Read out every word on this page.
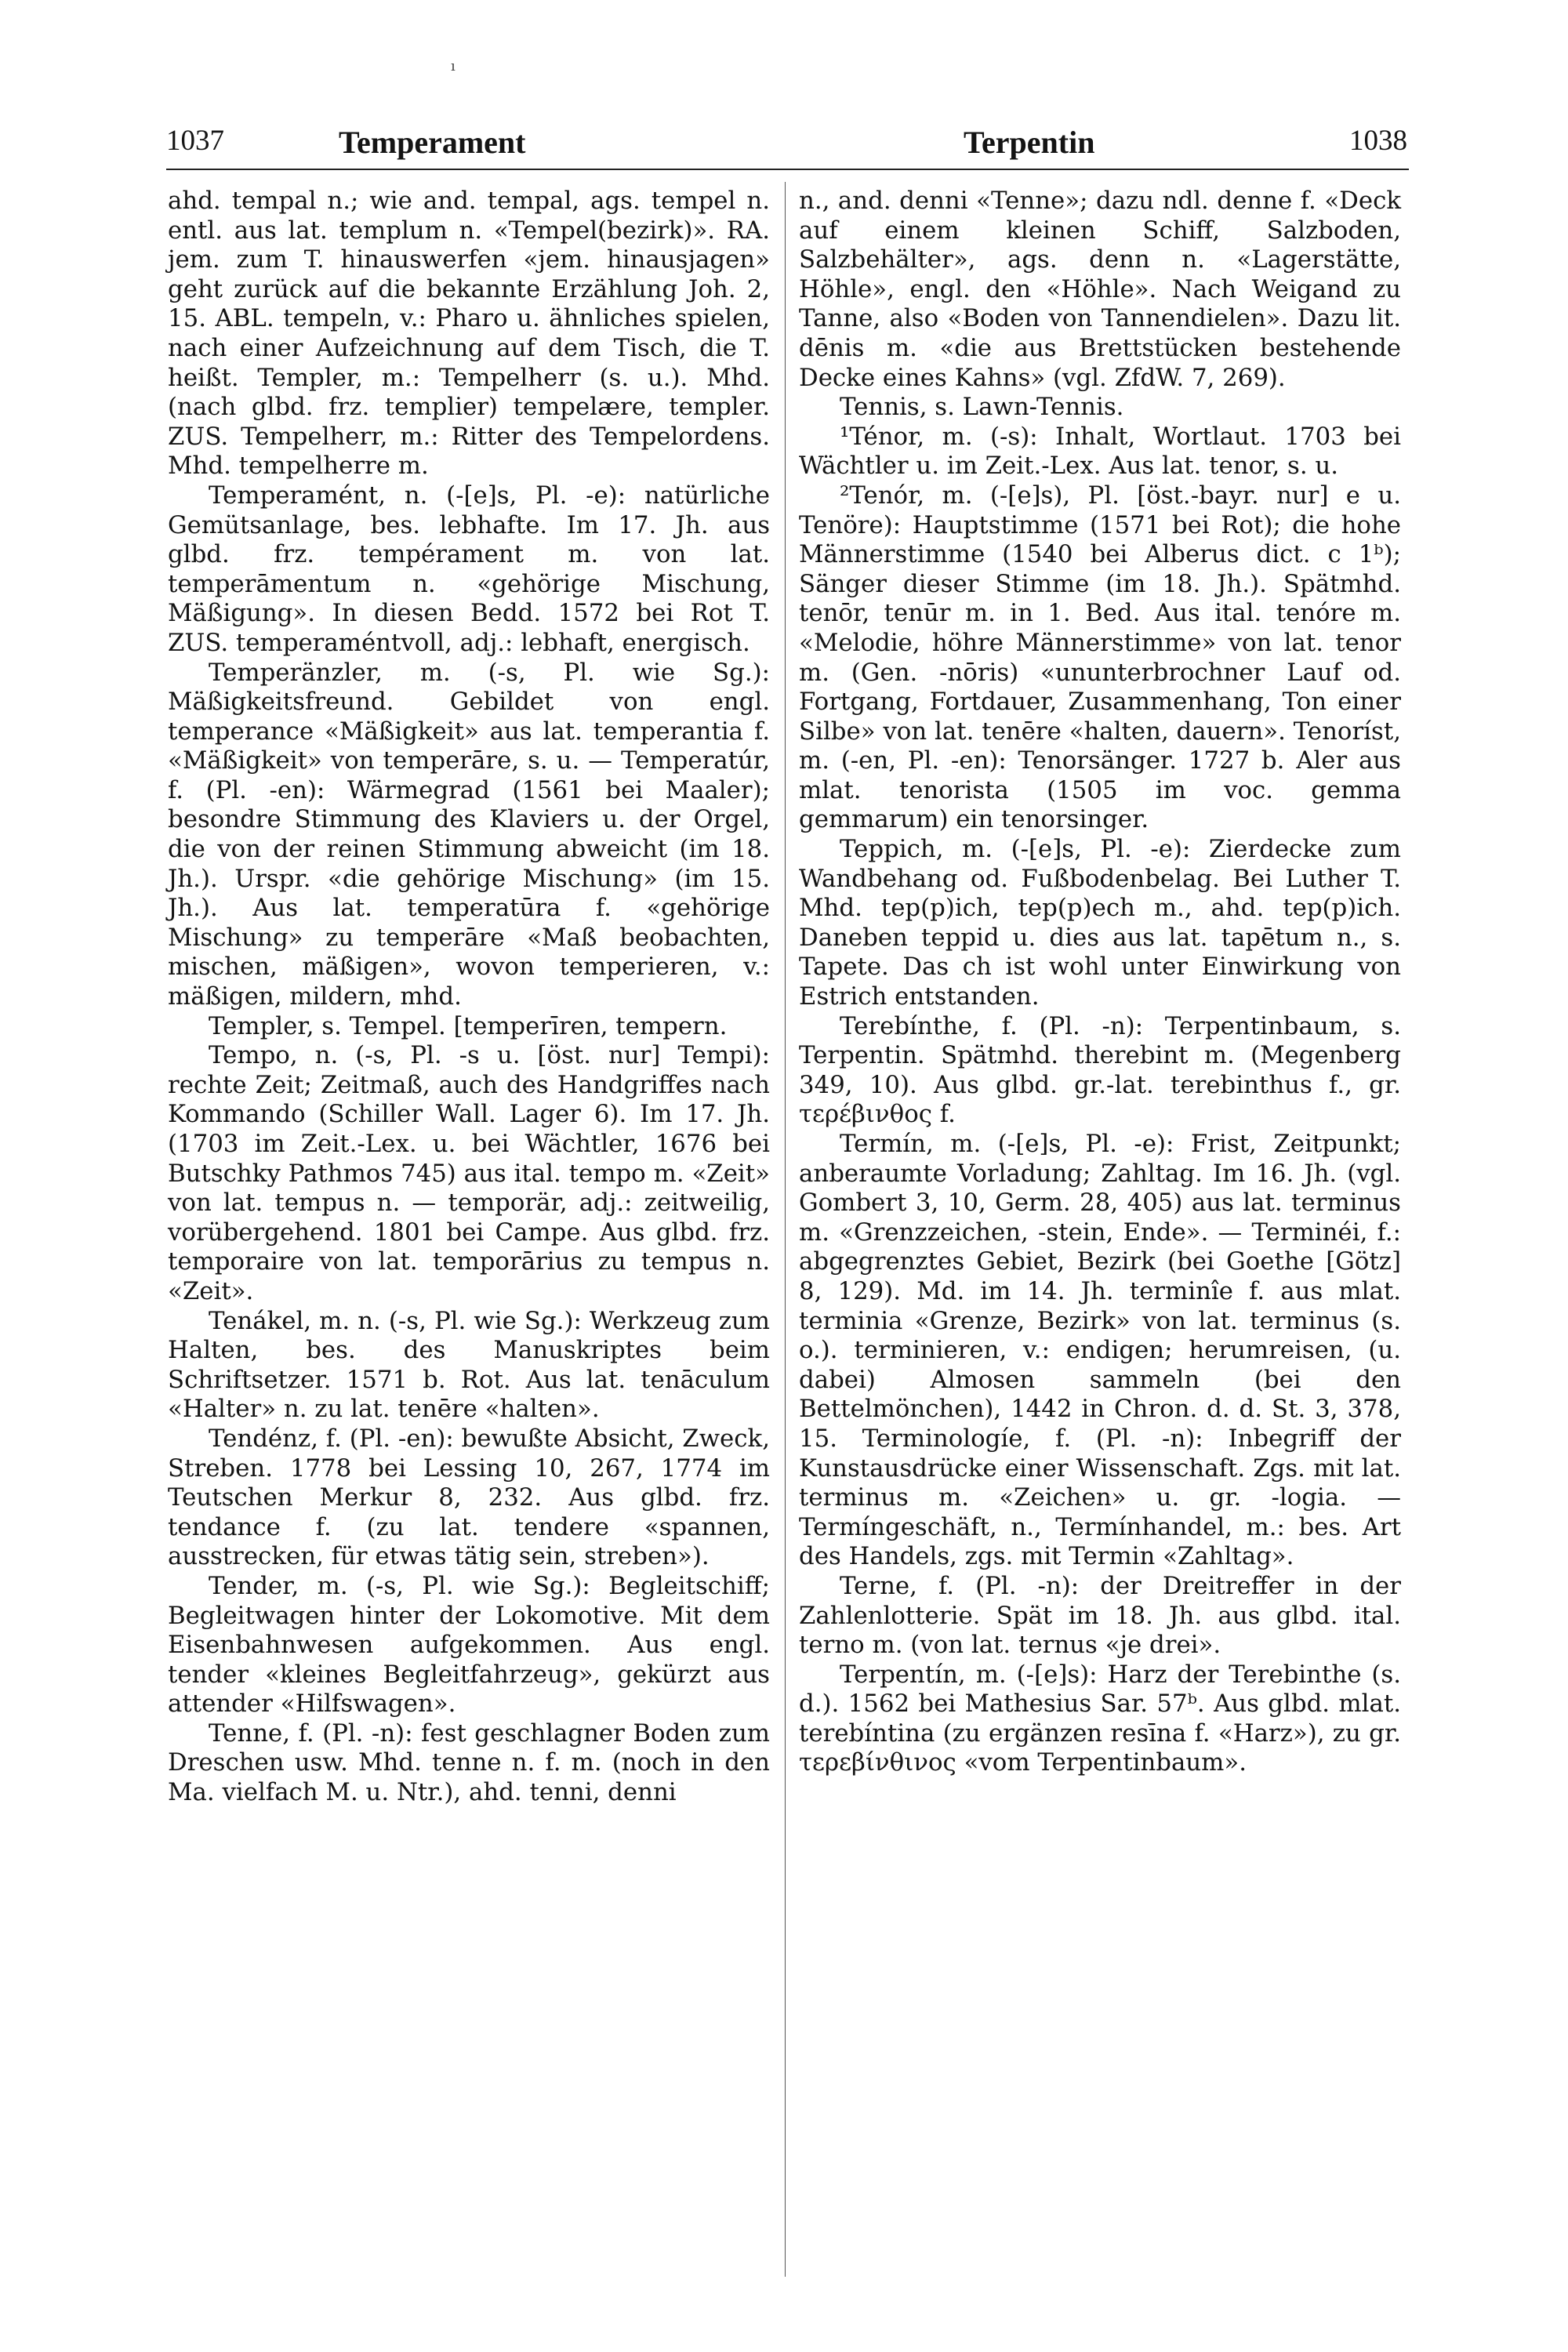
ı
1037	Temperament	Terpentin	1038

ahd. tempal n.; wie and. tempal, ags. tempel n. entl. aus lat. templum n. «Tempel(bezirk)». RA. jem. zum T. hinauswerfen «jem. hinausjagen» geht zurück auf die bekannte Erzählung Joh. 2, 15. ABL. tempeln, v.: Pharo u. ähnliches spielen, nach einer Aufzeichnung auf dem Tisch, die T. heißt. Templer, m.: Tempelherr (s. u.). Mhd. (nach glbd. frz. templier) tempelære, templer. ZUS. Tempelherr, m.: Ritter des Tempelordens. Mhd. tempelherre m.

Temperamént, n. (-[e]s, Pl. -e): natürliche Gemütsanlage, bes. lebhafte. Im 17. Jh. aus glbd. frz. tempérament m. von lat. temperāmentum n. «gehörige Mischung, Mäßigung». In diesen Bedd. 1572 bei Rot T. ZUS. temperaméntvoll, adj.: lebhaft, energisch.

Temperänzler, m. (-s, Pl. wie Sg.): Mäßigkeitsfreund. Gebildet von engl. temperance «Mäßigkeit» aus lat. temperantia f. «Mäßigkeit» von temperāre, s. u. — Temperatúr, f. (Pl. -en): Wärmegrad (1561 bei Maaler); besondre Stimmung des Klaviers u. der Orgel, die von der reinen Stimmung abweicht (im 18. Jh.). Urspr. «die gehörige Mischung» (im 15. Jh.). Aus lat. temperatūra f. «gehörige Mischung» zu temperāre «Maß beobachten, mischen, mäßigen», wovon temperieren, v.: mäßigen, mildern, mhd.

Templer, s. Tempel. [temperīren, tempern.

Tempo, n. (-s, Pl. -s u. [öst. nur] Tempi): rechte Zeit; Zeitmaß, auch des Handgriffes nach Kommando (Schiller Wall. Lager 6). Im 17. Jh. (1703 im Zeit.-Lex. u. bei Wächtler, 1676 bei Butschky Pathmos 745) aus ital. tempo m. «Zeit» von lat. tempus n. — temporär, adj.: zeitweilig, vorübergehend. 1801 bei Campe. Aus glbd. frz. temporaire von lat. temporārius zu tempus n. «Zeit».

Tenákel, m. n. (-s, Pl. wie Sg.): Werkzeug zum Halten, bes. des Manuskriptes beim Schriftsetzer. 1571 b. Rot. Aus lat. tenāculum «Halter» n. zu lat. tenēre «halten».

Tendénz, f. (Pl. -en): bewußte Absicht, Zweck, Streben. 1778 bei Lessing 10, 267, 1774 im Teutschen Merkur 8, 232. Aus glbd. frz. tendance f. (zu lat. tendere «spannen, ausstrecken, für etwas tätig sein, streben»).

Tender, m. (-s, Pl. wie Sg.): Begleitschiff; Begleitwagen hinter der Lokomotive. Mit dem Eisenbahnwesen aufgekommen. Aus engl. tender «kleines Begleitfahrzeug», gekürzt aus attender «Hilfswagen».

Tenne, f. (Pl. -n): fest geschlagner Boden zum Dreschen usw. Mhd. tenne n. f. m. (noch in den Ma. vielfach M. u. Ntr.), ahd. tenni, denni

n., and. denni «Tenne»; dazu ndl. denne f. «Deck auf einem kleinen Schiff, Salzboden, Salzbehälter», ags. denn n. «Lagerstätte, Höhle», engl. den «Höhle». Nach Weigand zu Tanne, also «Boden von Tannendielen». Dazu lit. dēnis m. «die aus Brettstücken bestehende Decke eines Kahns» (vgl. ZfdW. 7, 269).

Tennis, s. Lawn-Tennis.

¹Ténor, m. (-s): Inhalt, Wortlaut. 1703 bei Wächtler u. im Zeit.-Lex. Aus lat. tenor, s. u.

²Tenór, m. (-[e]s), Pl. [öst.-bayr. nur] e u. Tenöre): Hauptstimme (1571 bei Rot); die hohe Männerstimme (1540 bei Alberus dict. c 1ᵇ); Sänger dieser Stimme (im 18. Jh.). Spätmhd. tenōr, tenūr m. in 1. Bed. Aus ital. tenóre m. «Melodie, höhre Männerstimme» von lat. tenor m. (Gen. -nōris) «ununterbrochner Lauf od. Fortgang, Fortdauer, Zusammenhang, Ton einer Silbe» von lat. tenēre «halten, dauern». Tenoríst, m. (-en, Pl. -en): Tenorsänger. 1727 b. Aler aus mlat. tenorista (1505 im voc. gemma gemmarum) ein tenorsinger.

Teppich, m. (-[e]s, Pl. -e): Zierdecke zum Wandbehang od. Fußbodenbelag. Bei Luther T. Mhd. tep(p)ich, tep(p)ech m., ahd. tep(p)ich. Daneben teppid u. dies aus lat. tapētum n., s. Tapete. Das ch ist wohl unter Einwirkung von Estrich entstanden.

Terebínthe, f. (Pl. -n): Terpentinbaum, s. Terpentin. Spätmhd. therebint m. (Megenberg 349, 10). Aus glbd. gr.-lat. terebinthus f., gr. τερέβινθος f.

Termín, m. (-[e]s, Pl. -e): Frist, Zeitpunkt; anberaumte Vorladung; Zahltag. Im 16. Jh. (vgl. Gombert 3, 10, Germ. 28, 405) aus lat. terminus m. «Grenzzeichen, -stein, Ende». — Terminéi, f.: abgegrenztes Gebiet, Bezirk (bei Goethe [Götz] 8, 129). Md. im 14. Jh. terminîe f. aus mlat. terminia «Grenze, Bezirk» von lat. terminus (s. o.). terminieren, v.: endigen; herumreisen, (u. dabei) Almosen sammeln (bei den Bettelmönchen), 1442 in Chron. d. d. St. 3, 378, 15. Terminologíe, f. (Pl. -n): Inbegriff der Kunstausdrücke einer Wissenschaft. Zgs. mit lat. terminus m. «Zeichen» u. gr. -logia. — Termíngeschäft, n., Termínhandel, m.: bes. Art des Handels, zgs. mit Termin «Zahltag».

Terne, f. (Pl. -n): der Dreitreffer in der Zahlenlotterie. Spät im 18. Jh. aus glbd. ital. terno m. (von lat. ternus «je drei».

Terpentín, m. (-[e]s): Harz der Terebinthe (s. d.). 1562 bei Mathesius Sar. 57ᵇ. Aus glbd. mlat. terebíntina (zu ergänzen resīna f. «Harz»), zu gr. τερεβίνθινος «vom Terpentinbaum».
